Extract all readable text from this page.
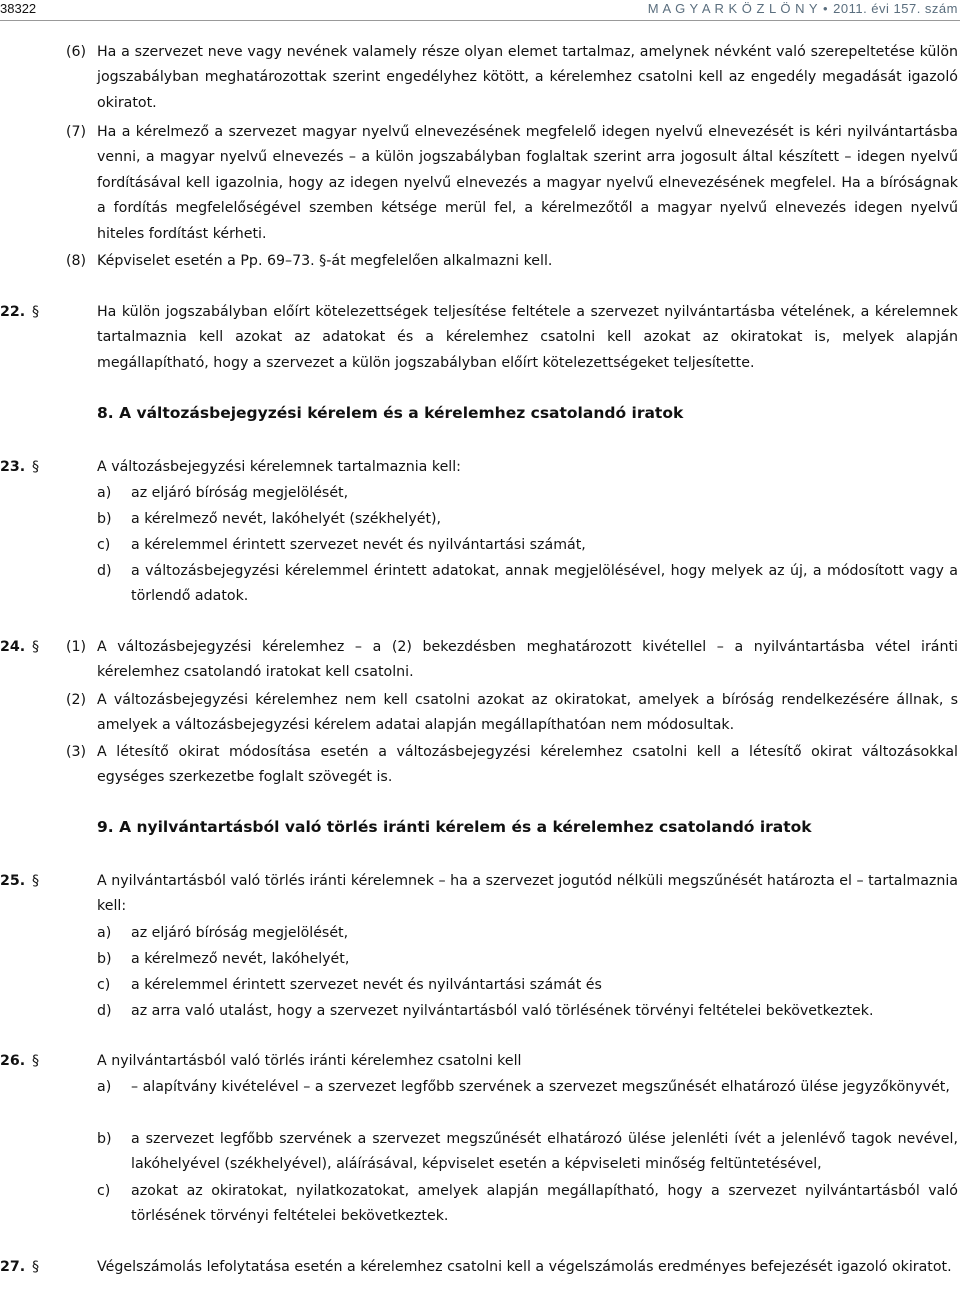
38322	M A G Y A R K Ö Z L Ö N Y • 2011. évi 157. szám
(6) Ha a szervezet neve vagy nevének valamely része olyan elemet tartalmaz, amelynek névként való szerepeltetése külön jogszabályban meghatározottak szerint engedélyhez kötött, a kérelemhez csatolni kell az engedély megadását igazoló okiratot.
(7) Ha a kérelmező a szervezet magyar nyelvű elnevezésének megfelelő idegen nyelvű elnevezését is kéri nyilvántartásba venni, a magyar nyelvű elnevezés – a külön jogszabályban foglaltak szerint arra jogosult által készített – idegen nyelvű fordításával kell igazolnia, hogy az idegen nyelvű elnevezés a magyar nyelvű elnevezésének megfelel. Ha a bíróságnak a fordítás megfelelőségével szemben kétsége merül fel, a kérelmezőtől a magyar nyelvű elnevezés idegen nyelvű hiteles fordítást kérheti.
(8) Képviselet esetén a Pp. 69–73. §-át megfelelően alkalmazni kell.
22. §	Ha külön jogszabályban előírt kötelezettségek teljesítése feltétele a szervezet nyilvántartásba vételének, a kérelemnek tartalmaznia kell azokat az adatokat és a kérelemhez csatolni kell azokat az okiratokat is, melyek alapján megállapítható, hogy a szervezet a külön jogszabályban előírt kötelezettségeket teljesítette.
8. A változásbejegyzési kérelem és a kérelemhez csatolandó iratok
23. §	A változásbejegyzési kérelemnek tartalmaznia kell:
a) az eljáró bíróság megjelölését,
b) a kérelmező nevét, lakóhelyét (székhelyét),
c) a kérelemmel érintett szervezet nevét és nyilvántartási számát,
d) a változásbejegyzési kérelemmel érintett adatokat, annak megjelölésével, hogy melyek az új, a módosított vagy a törlendő adatok.
24. § (1) A változásbejegyzési kérelemhez – a (2) bekezdésben meghatározott kivétellel – a nyilvántartásba vétel iránti kérelemhez csatolandó iratokat kell csatolni.
(2) A változásbejegyzési kérelemhez nem kell csatolni azokat az okiratokat, amelyek a bíróság rendelkezésére állnak, s amelyek a változásbejegyzési kérelem adatai alapján megállapíthatóan nem módosultak.
(3) A létesítő okirat módosítása esetén a változásbejegyzési kérelemhez csatolni kell a létesítő okirat változásokkal egységes szerkezetbe foglalt szövegét is.
9. A nyilvántartásból való törlés iránti kérelem és a kérelemhez csatolandó iratok
25. §	A nyilvántartásból való törlés iránti kérelemnek – ha a szervezet jogutód nélküli megszűnését határozta el – tartalmaznia kell:
a) az eljáró bíróság megjelölését,
b) a kérelmező nevét, lakóhelyét,
c) a kérelemmel érintett szervezet nevét és nyilvántartási számát és
d) az arra való utalást, hogy a szervezet nyilvántartásból való törlésének törvényi feltételei bekövetkeztek.
26. §	A nyilvántartásból való törlés iránti kérelemhez csatolni kell
a) – alapítvány kivételével – a szervezet legfőbb szervének a szervezet megszűnését elhatározó ülése jegyzőkönyvét,
b) a szervezet legfőbb szervének a szervezet megszűnését elhatározó ülése jelenléti ívét a jelenlévő tagok nevével, lakóhelyével (székhelyével), aláírásával, képviselet esetén a képviseleti minőség feltüntetésével,
c) azokat az okiratokat, nyilatkozatokat, amelyek alapján megállapítható, hogy a szervezet nyilvántartásból való törlésének törvényi feltételei bekövetkeztek.
27. §	Végelszámolás lefolytatása esetén a kérelemhez csatolni kell a végelszámolás eredményes befejezését igazoló okiratot.
